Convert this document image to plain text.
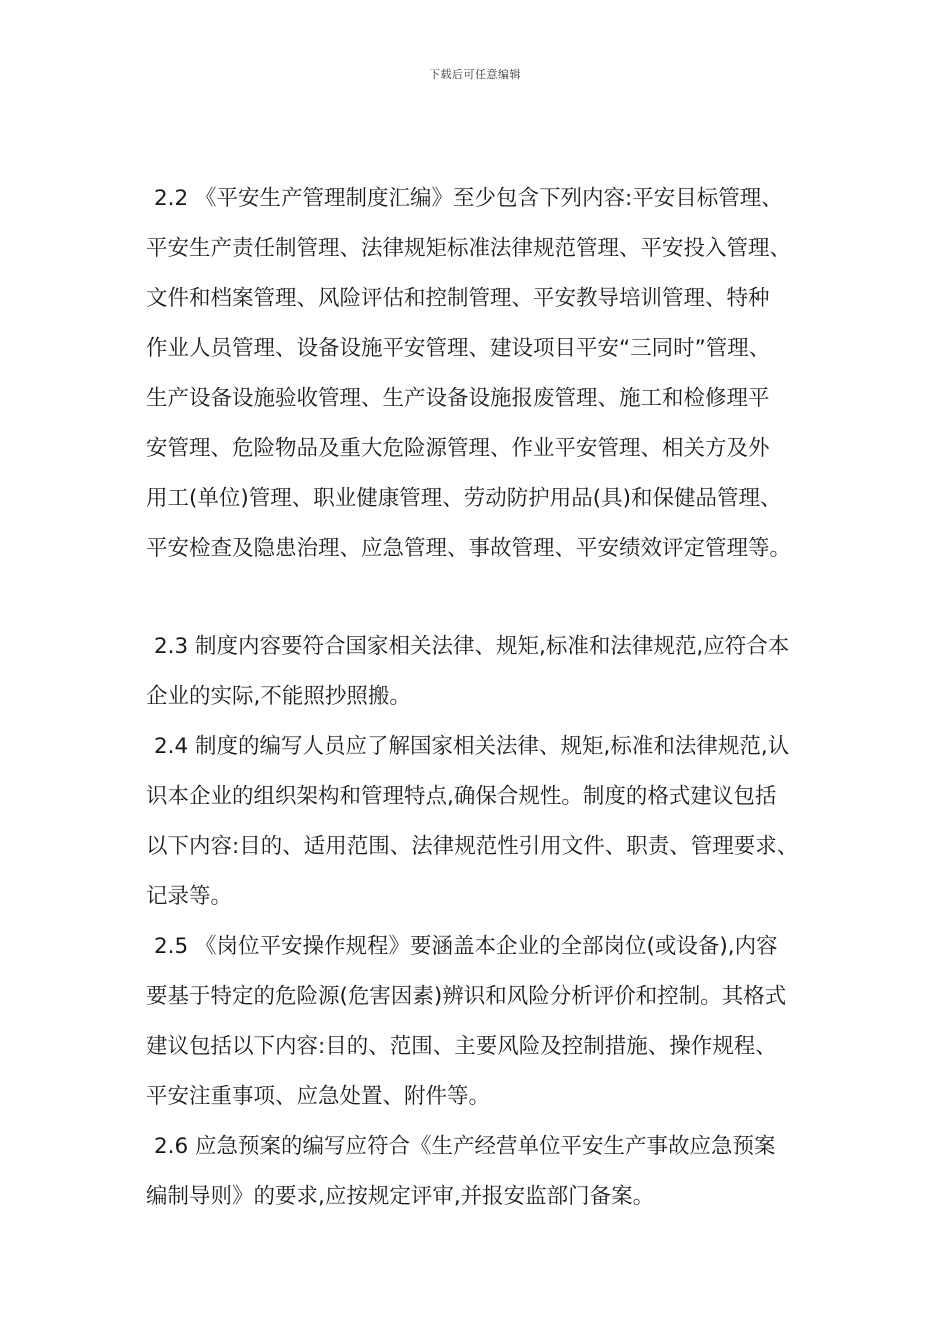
下载后可任意编辑
2.2 《平安生产管理制度汇编》至少包含下列内容:平安目标管理、
平安生产责任制管理、法律规矩标准法律规范管理、平安投入管理、
文件和档案管理、风险评估和控制管理、平安教导培训管理、特种
作业人员管理、设备设施平安管理、建设项目平安“三同时”管理、
生产设备设施验收管理、生产设备设施报废管理、施工和检修理平
安管理、危险物品及重大危险源管理、作业平安管理、相关方及外
用工(单位)管理、职业健康管理、劳动防护用品(具)和保健品管理、
平安检查及隐患治理、应急管理、事故管理、平安绩效评定管理等。
2.3 制度内容要符合国家相关法律、规矩,标准和法律规范,应符合本
企业的实际,不能照抄照搬。
2.4 制度的编写人员应了解国家相关法律、规矩,标准和法律规范,认
识本企业的组织架构和管理特点,确保合规性。制度的格式建议包括
以下内容:目的、适用范围、法律规范性引用文件、职责、管理要求、
记录等。
2.5 《岗位平安操作规程》要涵盖本企业的全部岗位(或设备),内容
要基于特定的危险源(危害因素)辨识和风险分析评价和控制。其格式
建议包括以下内容:目的、范围、主要风险及控制措施、操作规程、
平安注重事项、应急处置、附件等。
2.6 应急预案的编写应符合《生产经营单位平安生产事故应急预案
编制导则》的要求,应按规定评审,并报安监部门备案。
